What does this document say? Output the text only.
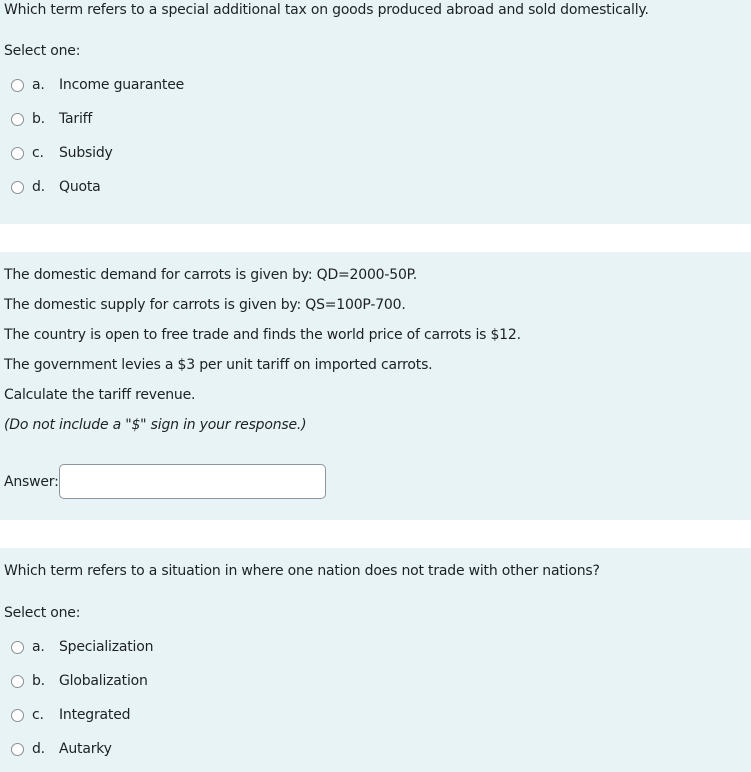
Which term refers to a special additional tax on goods produced abroad and sold domestically.
Select one:
a.	Income guarantee
b.	Tariff
c.	Subsidy
d.	Quota
The domestic demand for carrots is given by: QD=2000-50P.
The domestic supply for carrots is given by: QS=100P-700.
The country is open to free trade and finds the world price of carrots is $12.
The government levies a $3 per unit tariff on imported carrots.
Calculate the tariff revenue.
(Do not include a "$" sign in your response.)
Answer:
Which term refers to a situation in where one nation does not trade with other nations?
Select one:
a.	Specialization
b.	Globalization
c.	Integrated
d.	Autarky
